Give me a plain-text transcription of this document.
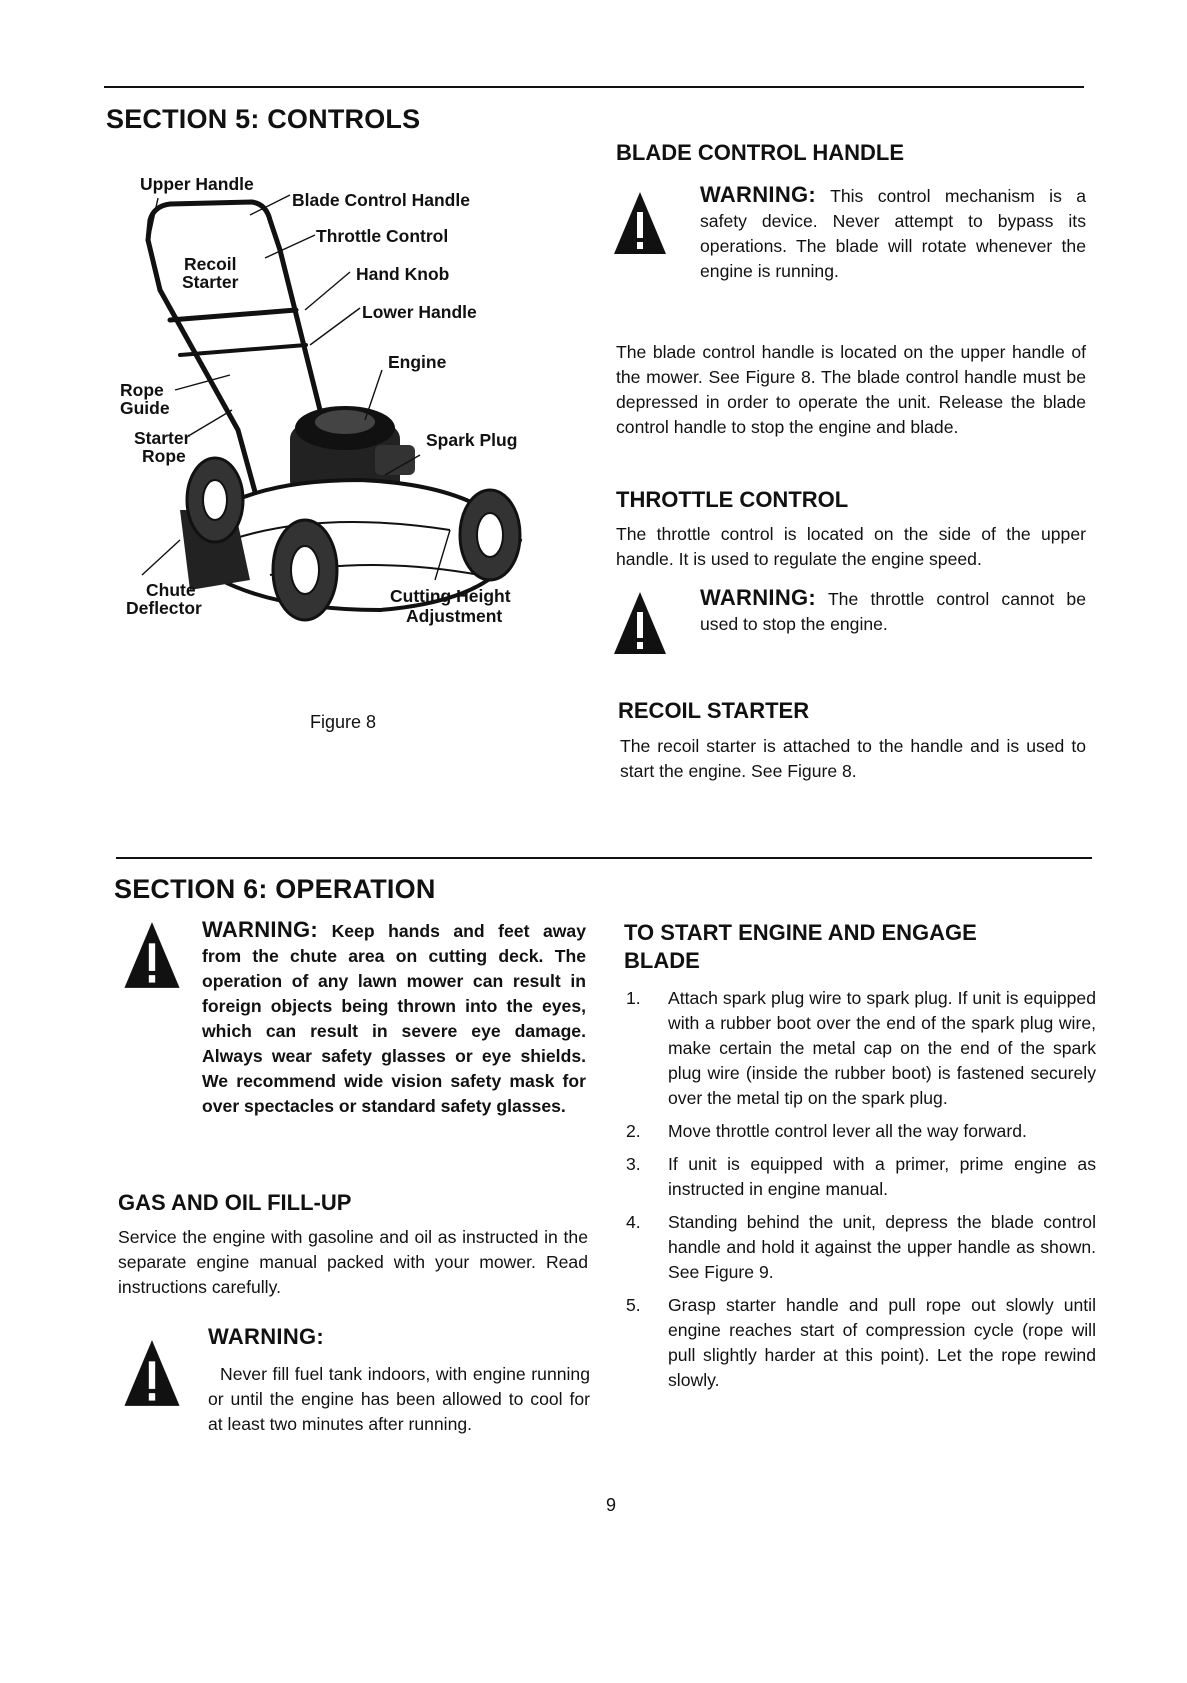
SECTION 5: CONTROLS
Upper Handle
Blade Control Handle
Throttle Control
Recoil
Starter	Hand Knob
Lower Handle
Rope
Guide
Engine
Starter
Rope
Spark Plug
Chute
Deflector
Cutting Height
Adjustment
Figure 8
BLADE CONTROL HANDLE

WARNING: This control mechanism is a safety device. Never attempt to bypass its operations. The blade will rotate whenever the engine is running.

The blade control handle is located on the upper handle of the mower. See Figure 8. The blade control handle must be depressed in order to operate the unit. Release the blade control handle to stop the engine and blade.

THROTTLE CONTROL

The throttle control is located on the side of the upper handle. It is used to regulate the engine speed.

WARNING: The throttle control cannot be used to stop the engine.

RECOIL STARTER

The recoil starter is attached to the handle and is used to start the engine. See Figure 8.

SECTION 6: OPERATION

WARNING: Keep hands and feet away from the chute area on cutting deck. The operation of any lawn mower can result in foreign objects being thrown into the eyes, which can result in severe eye damage. Always wear safety glasses or eye shields. We recommend wide vision safety mask for over spectacles or standard safety glasses.

GAS AND OIL FILL-UP

Service the engine with gasoline and oil as instructed in the separate engine manual packed with your mower. Read instructions carefully.

WARNING:

Never fill fuel tank indoors, with engine running or until the engine has been allowed to cool for at least two minutes after running.

TO START ENGINE AND ENGAGE
BLADE
1.	Attach spark plug wire to spark plug. If unit is equipped with a rubber boot over the end of the spark plug wire, make certain the metal cap on the end of the spark plug wire (inside the rubber boot) is fastened securely over the metal tip on the spark plug.
2.	Move throttle control lever all the way forward.
3.	If unit is equipped with a primer, prime engine as instructed in engine manual.
4.	Standing behind the unit, depress the blade control handle and hold it against the upper handle as shown. See Figure 9.
5.	Grasp starter handle and pull rope out slowly until engine reaches start of compression cycle (rope will pull slightly harder at this point). Let the rope rewind slowly.
9
